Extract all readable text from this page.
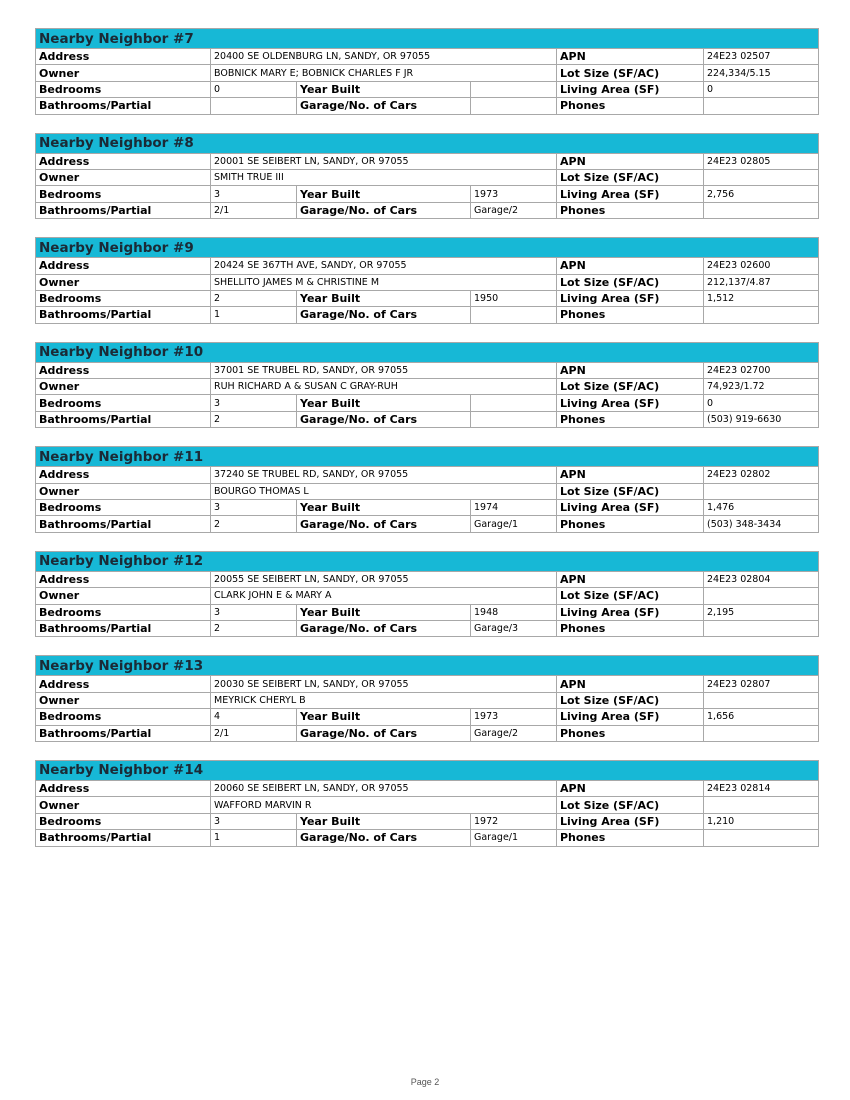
Nearby Neighbor #7					
Address	20400 SE OLDENBURG LN, SANDY, OR 97055			APN	24E23 02507
Owner	BOBNICK MARY E; BOBNICK CHARLES F JR			Lot Size (SF/AC)	224,334/5.15
Bedrooms	0	Year Built		Living Area (SF)	0
Bathrooms/Partial		Garage/No. of Cars		Phones	
Nearby Neighbor #8					
Address	20001 SE SEIBERT LN, SANDY, OR 97055			APN	24E23 02805
Owner	SMITH TRUE III			Lot Size (SF/AC)	
Bedrooms	3	Year Built	1973	Living Area (SF)	2,756
Bathrooms/Partial	2/1	Garage/No. of Cars	Garage/2	Phones	
Nearby Neighbor #9					
Address	20424 SE 367TH AVE, SANDY, OR 97055			APN	24E23 02600
Owner	SHELLITO JAMES M & CHRISTINE M			Lot Size (SF/AC)	212,137/4.87
Bedrooms	2	Year Built	1950	Living Area (SF)	1,512
Bathrooms/Partial	1	Garage/No. of Cars		Phones	
Nearby Neighbor #10					
Address	37001 SE TRUBEL RD, SANDY, OR 97055			APN	24E23 02700
Owner	RUH RICHARD A & SUSAN C GRAY-RUH			Lot Size (SF/AC)	74,923/1.72
Bedrooms	3	Year Built		Living Area (SF)	0
Bathrooms/Partial	2	Garage/No. of Cars		Phones	(503) 919-6630
Nearby Neighbor #11					
Address	37240 SE TRUBEL RD, SANDY, OR 97055			APN	24E23 02802
Owner	BOURGO THOMAS L			Lot Size (SF/AC)	
Bedrooms	3	Year Built	1974	Living Area (SF)	1,476
Bathrooms/Partial	2	Garage/No. of Cars	Garage/1	Phones	(503) 348-3434
Nearby Neighbor #12					
Address	20055 SE SEIBERT LN, SANDY, OR 97055			APN	24E23 02804
Owner	CLARK JOHN E & MARY A			Lot Size (SF/AC)	
Bedrooms	3	Year Built	1948	Living Area (SF)	2,195
Bathrooms/Partial	2	Garage/No. of Cars	Garage/3	Phones	
Nearby Neighbor #13					
Address	20030 SE SEIBERT LN, SANDY, OR 97055			APN	24E23 02807
Owner	MEYRICK CHERYL B			Lot Size (SF/AC)	
Bedrooms	4	Year Built	1973	Living Area (SF)	1,656
Bathrooms/Partial	2/1	Garage/No. of Cars	Garage/2	Phones	
Nearby Neighbor #14					
Address	20060 SE SEIBERT LN, SANDY, OR 97055			APN	24E23 02814
Owner	WAFFORD MARVIN R			Lot Size (SF/AC)	
Bedrooms	3	Year Built	1972	Living Area (SF)	1,210
Bathrooms/Partial	1	Garage/No. of Cars	Garage/1	Phones	
Page 2
